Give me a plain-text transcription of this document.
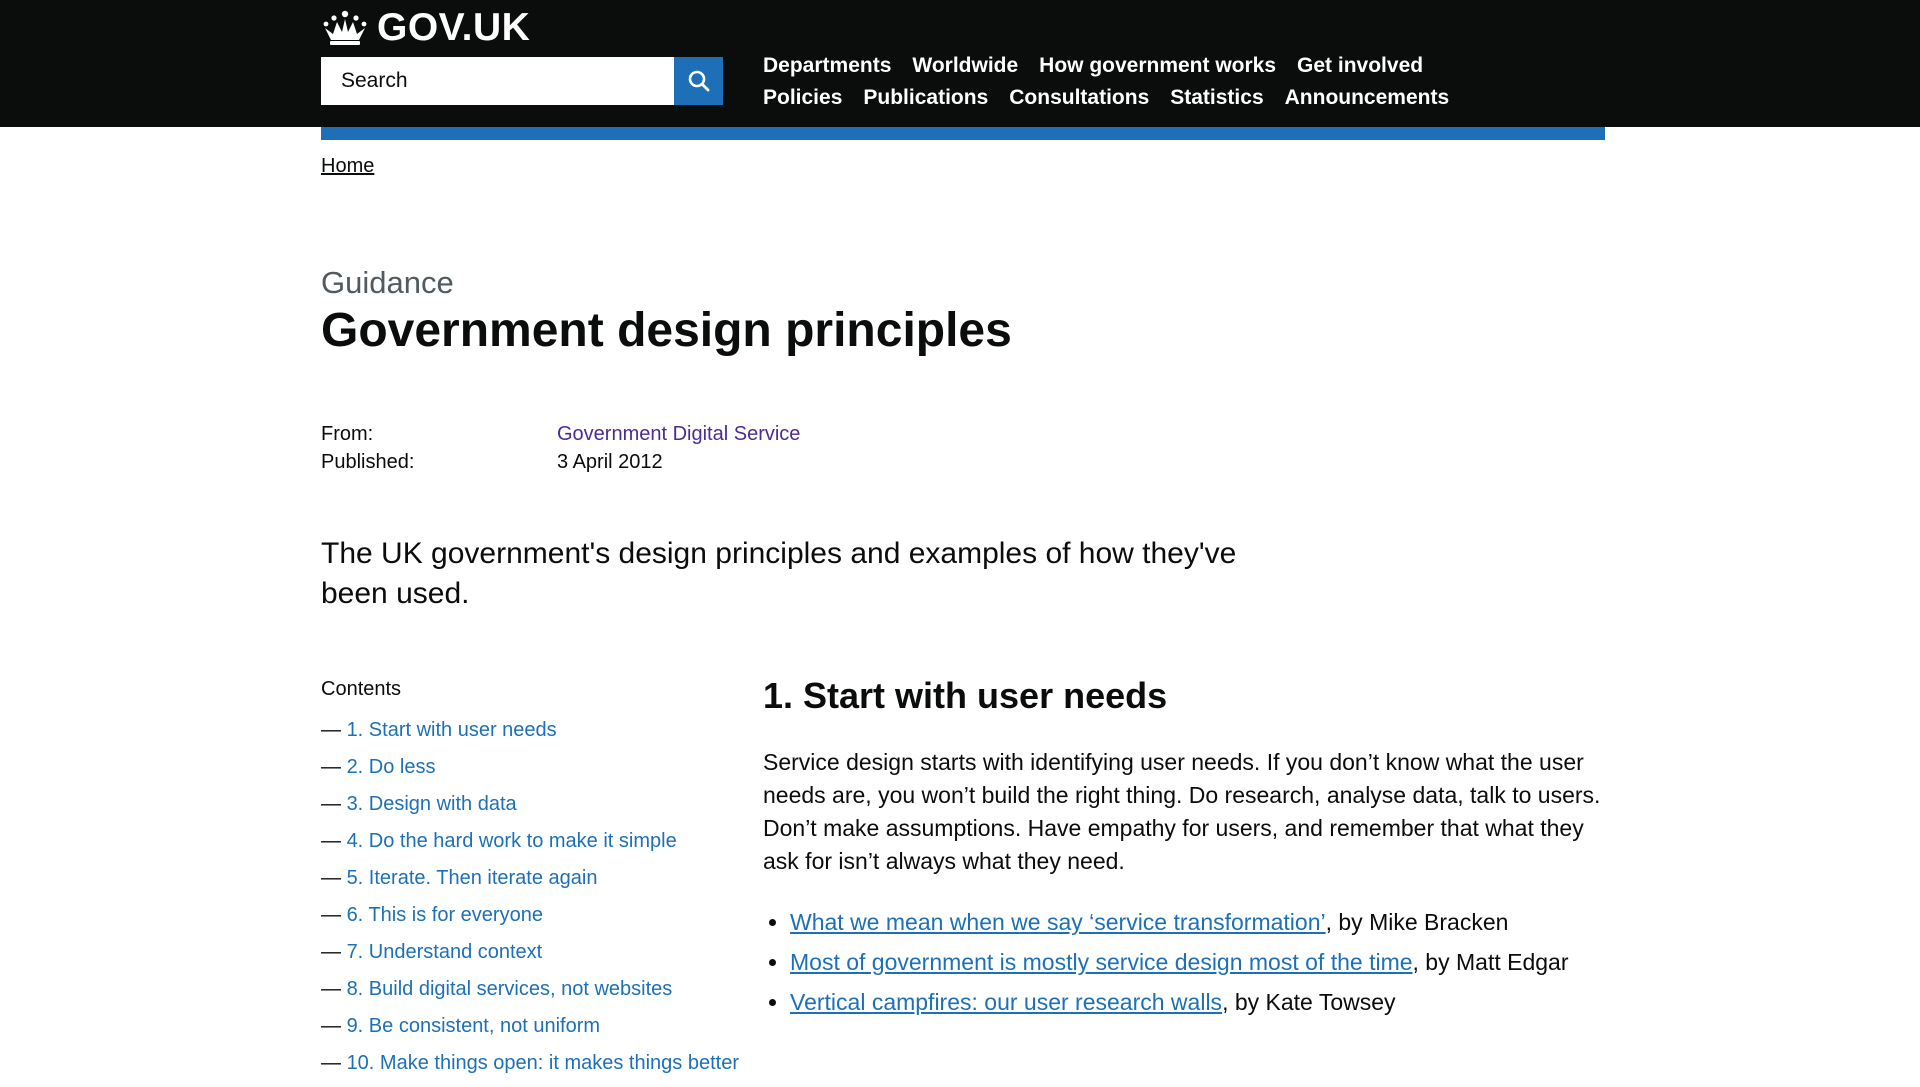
GOV.UK
Search
Departments Worldwide How government works Get involved
Policies Publications Consultations Statistics Announcements
Home
Guidance
Government design principles
From:	Government Digital Service
Published:	3 April 2012

The UK government's design principles and examples of how they've been used.

Contents
— 1. Start with user needs
— 2. Do less
— 3. Design with data
— 4. Do the hard work to make it simple
— 5. Iterate. Then iterate again
— 6. This is for everyone
— 7. Understand context
— 8. Build digital services, not websites
— 9. Be consistent, not uniform
— 10. Make things open: it makes things better
1. Start with user needs

Service design starts with identifying user needs. If you don’t know what the user needs are, you won’t build the right thing. Do research, analyse data, talk to users. Don’t make assumptions. Have empathy for users, and remember that what they ask for isn’t always what they need.

• What we mean when we say ‘service transformation’, by Mike Bracken
• Most of government is mostly service design most of the time, by Matt Edgar
• Vertical campfires: our user research walls, by Kate Towsey
